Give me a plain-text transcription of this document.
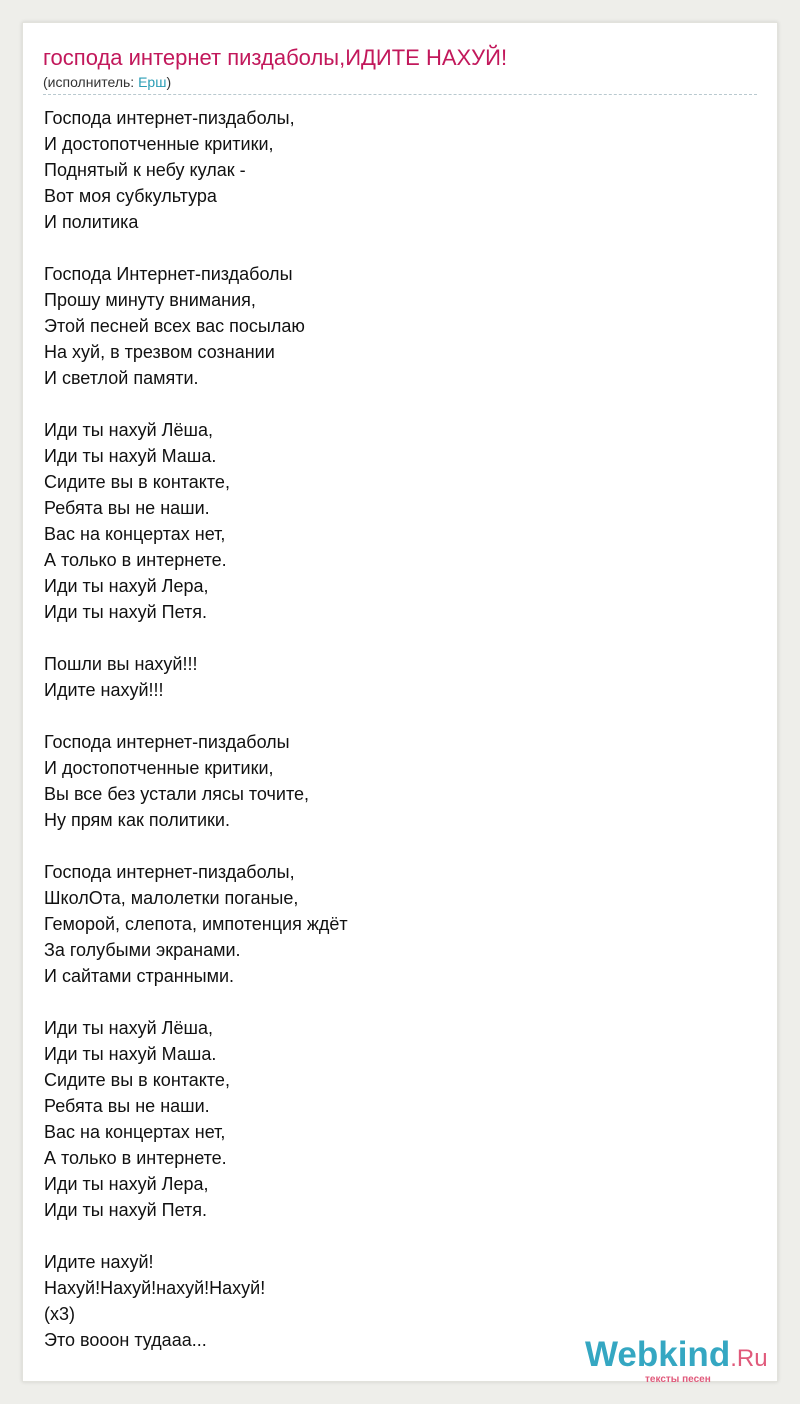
господа интернет пиздаболы,ИДИТЕ НАХУЙ!
(исполнитель: Ерш)
Господа интернет-пиздаболы,
И достопотченные критики,
Поднятый к небу кулак -
Вот моя субкультура
И политика
Господа Интернет-пиздаболы
Прошу минуту внимания,
Этой песней всех вас посылаю
На хуй, в трезвом сознании
И светлой памяти.
Иди ты нахуй Лёша,
Иди ты нахуй Маша.
Сидите вы в контакте,
Ребята вы не наши.
Вас на концертах нет,
А только в интернете.
Иди ты нахуй Лера,
Иди ты нахуй Петя.
Пошли вы нахуй!!!
Идите нахуй!!!
Господа интернет-пиздаболы
И достопотченные критики,
Вы все без устали лясы точите,
Ну прям как политики.
Господа интернет-пиздаболы,
ШколОта, малолетки поганые,
Геморой, слепота, импотенция ждёт
За голубыми экранами.
И сайтами странными.
Иди ты нахуй Лёша,
Иди ты нахуй Маша.
Сидите вы в контакте,
Ребята вы не наши.
Вас на концертах нет,
А только в интернете.
Иди ты нахуй Лера,
Иди ты нахуй Петя.
Идите нахуй!
Нахуй!Нахуй!нахуй!Нахуй!
(x3)
Это вооон тудааа...	Webkind.Ru
тексты песен
